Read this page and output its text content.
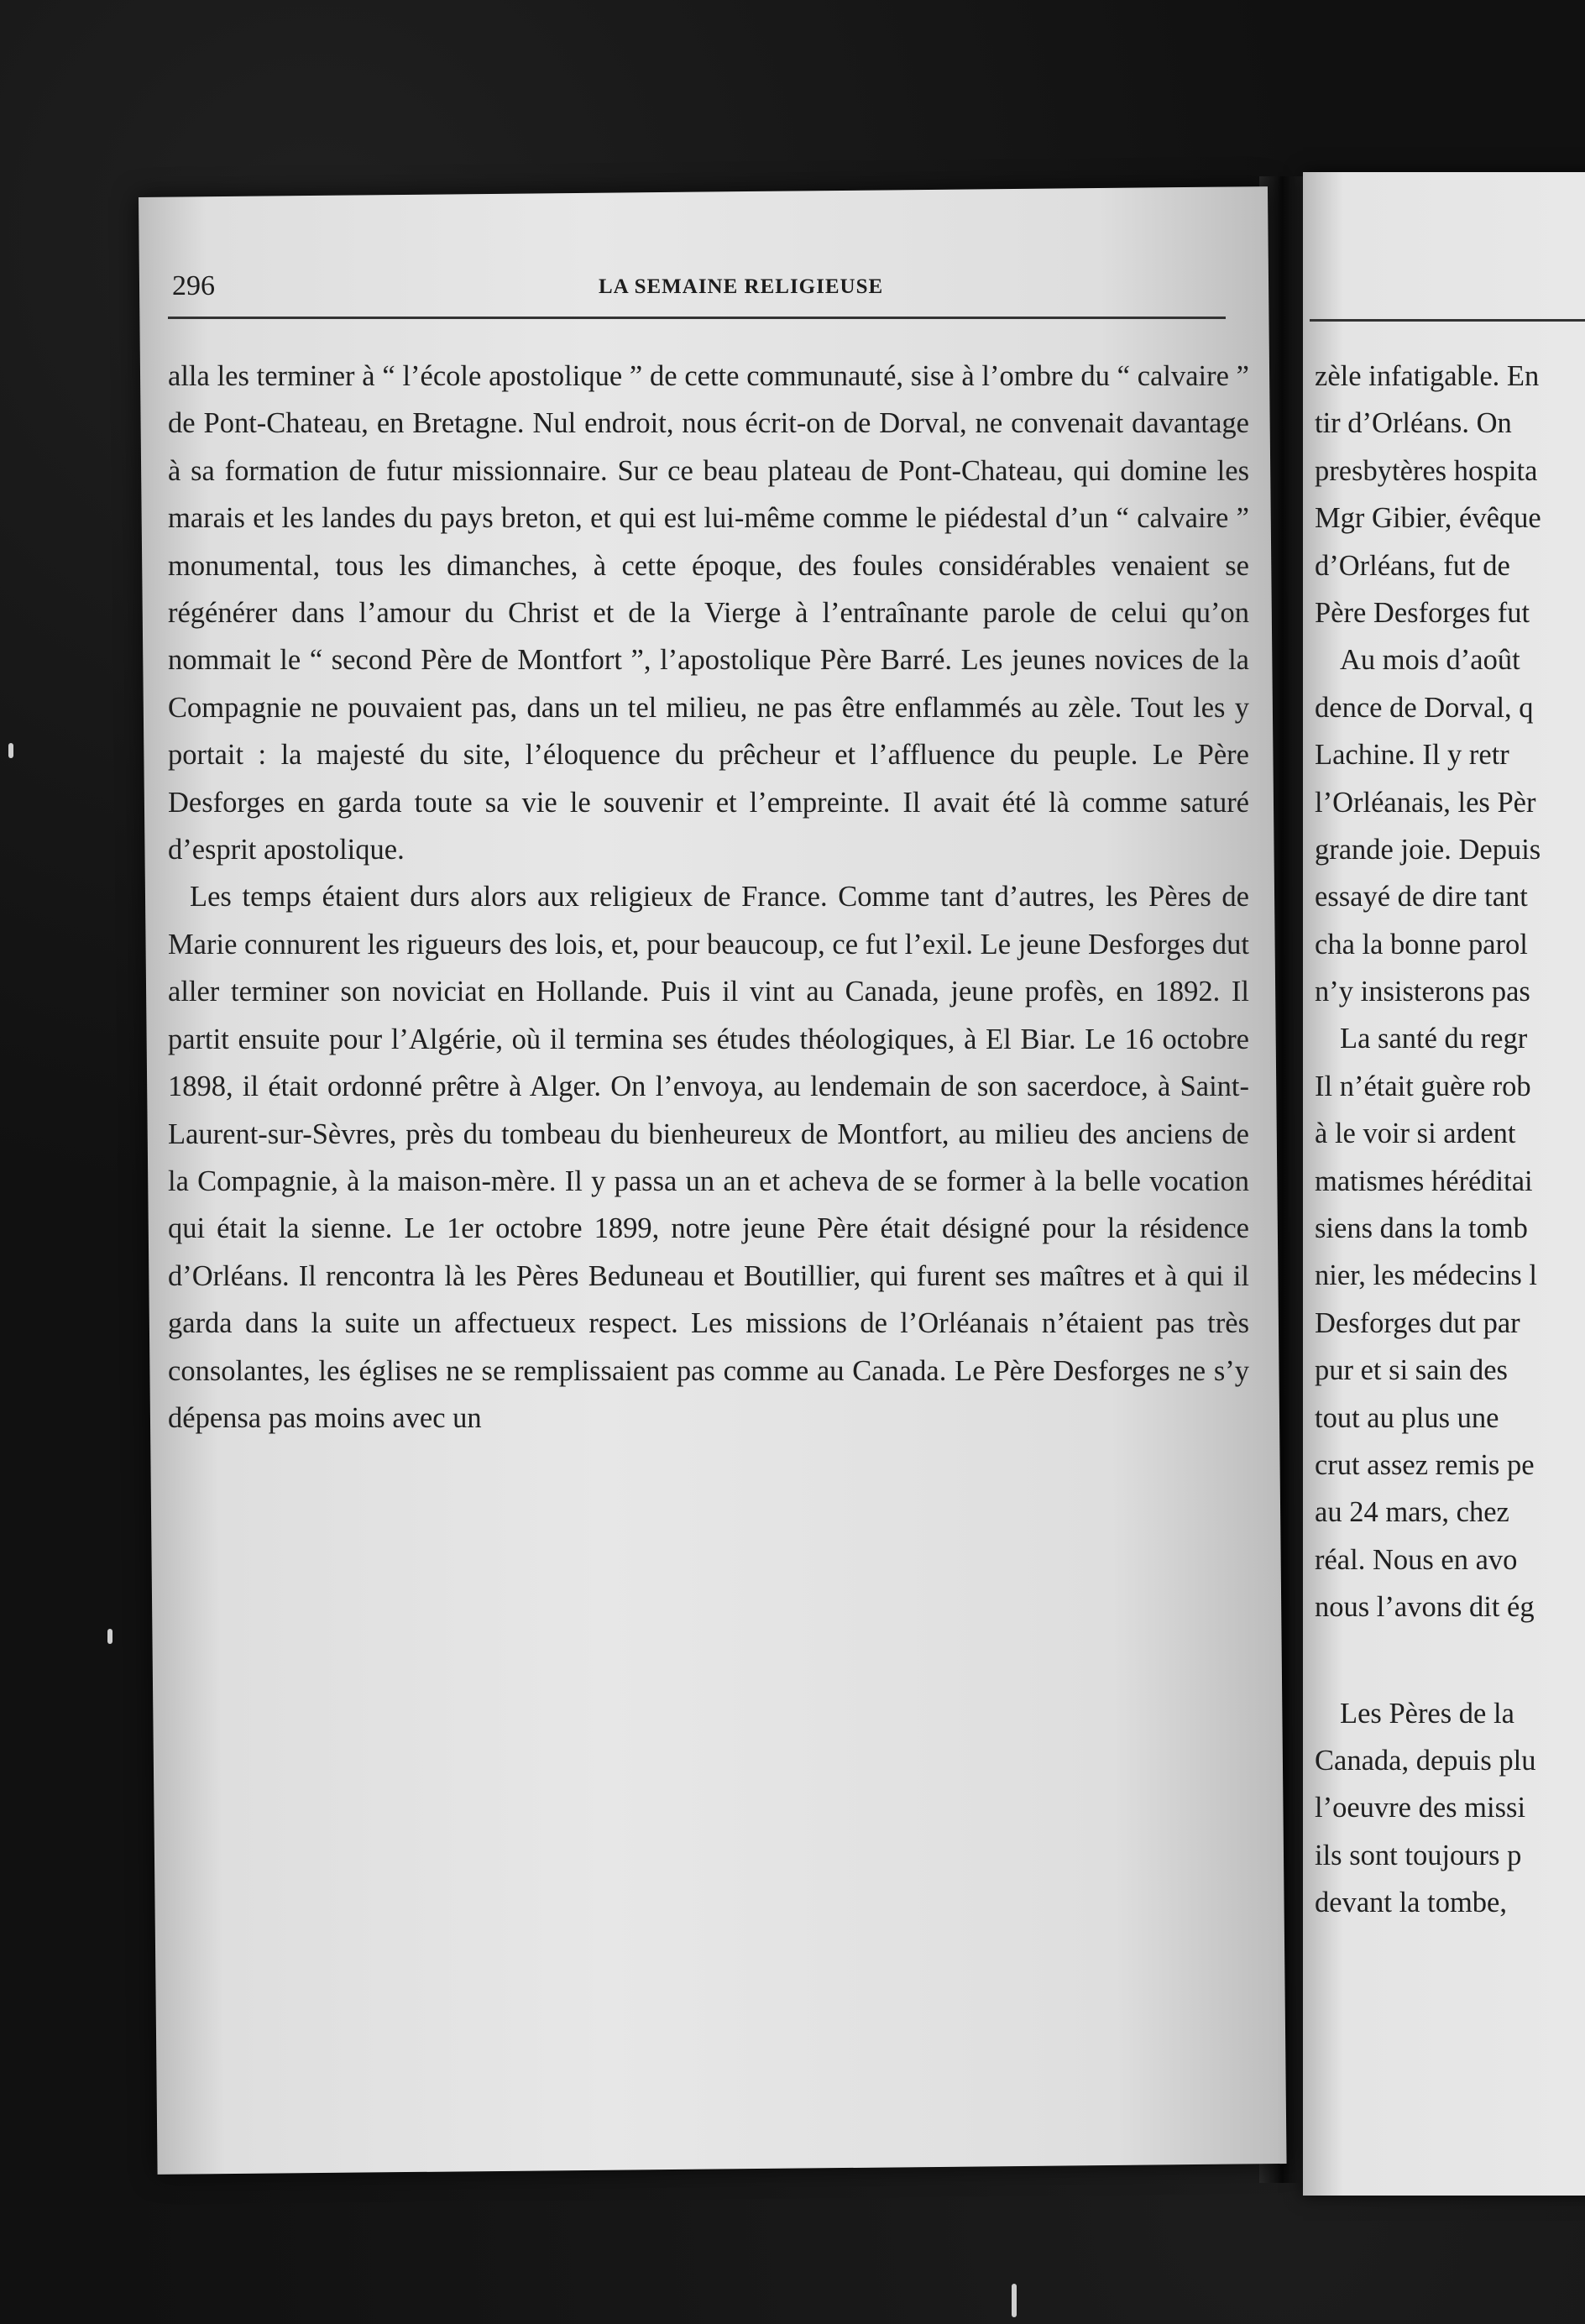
296	LA SEMAINE RELIGIEUSE

alla les terminer à “ l’école apostolique ” de cette communauté, sise à l’ombre du “ calvaire ” de Pont-Chateau, en Bretagne. Nul endroit, nous écrit-on de Dorval, ne convenait davantage à sa formation de futur missionnaire. Sur ce beau plateau de Pont-Chateau, qui domine les marais et les landes du pays breton, et qui est lui-même comme le piédestal d’un “ calvaire ” monumental, tous les dimanches, à cette époque, des foules considérables venaient se régénérer dans l’amour du Christ et de la Vierge à l’entraînante parole de celui qu’on nommait le “ second Père de Montfort ”, l’apostolique Père Barré. Les jeunes novices de la Compagnie ne pouvaient pas, dans un tel milieu, ne pas être enflammés au zèle. Tout les y portait : la majesté du site, l’éloquence du prêcheur et l’affluence du peuple. Le Père Desforges en garda toute sa vie le souvenir et l’empreinte. Il avait été là comme saturé d’esprit apostolique.

Les temps étaient durs alors aux religieux de France. Comme tant d’autres, les Pères de Marie connurent les rigueurs des lois, et, pour beaucoup, ce fut l’exil. Le jeune Desforges dut aller terminer son noviciat en Hollande. Puis il vint au Canada, jeune profès, en 1892. Il partit ensuite pour l’Algérie, où il termina ses études théologiques, à El Biar. Le 16 octobre 1898, il était ordonné prêtre à Alger. On l’envoya, au lendemain de son sacerdoce, à Saint-Laurent-sur-Sèvres, près du tombeau du bienheureux de Montfort, au milieu des anciens de la Compagnie, à la maison-mère. Il y passa un an et acheva de se former à la belle vocation qui était la sienne. Le 1er octobre 1899, notre jeune Père était désigné pour la résidence d’Orléans. Il rencontra là les Pères Beduneau et Boutillier, qui furent ses maîtres et à qui il garda dans la suite un affectueux respect. Les missions de l’Orléanais n’étaient pas très consolantes, les églises ne se remplissaient pas comme au Canada. Le Père Desforges ne s’y dépensa pas moins avec un

zèle infatigable. En
tir d’Orléans. On
presbytères hospita
Mgr Gibier, évêque
d’Orléans, fut de
Père Desforges fut
Au mois d’août
dence de Dorval, q
Lachine. Il y retr
l’Orléanais, les Pèr
grande joie. Depuis
essayé de dire tant
cha la bonne parol
n’y insisterons pas
La santé du regr
Il n’était guère rob
à le voir si ardent
matismes héréditai
siens dans la tomb
nier, les médecins l
Desforges dut par
pur et si sain des
tout au plus une
crut assez remis pe
au 24 mars, chez
réal. Nous en avo
nous l’avons dit ég
Les Pères de la
Canada, depuis plu
l’oeuvre des missi
ils sont toujours p
devant la tombe,
